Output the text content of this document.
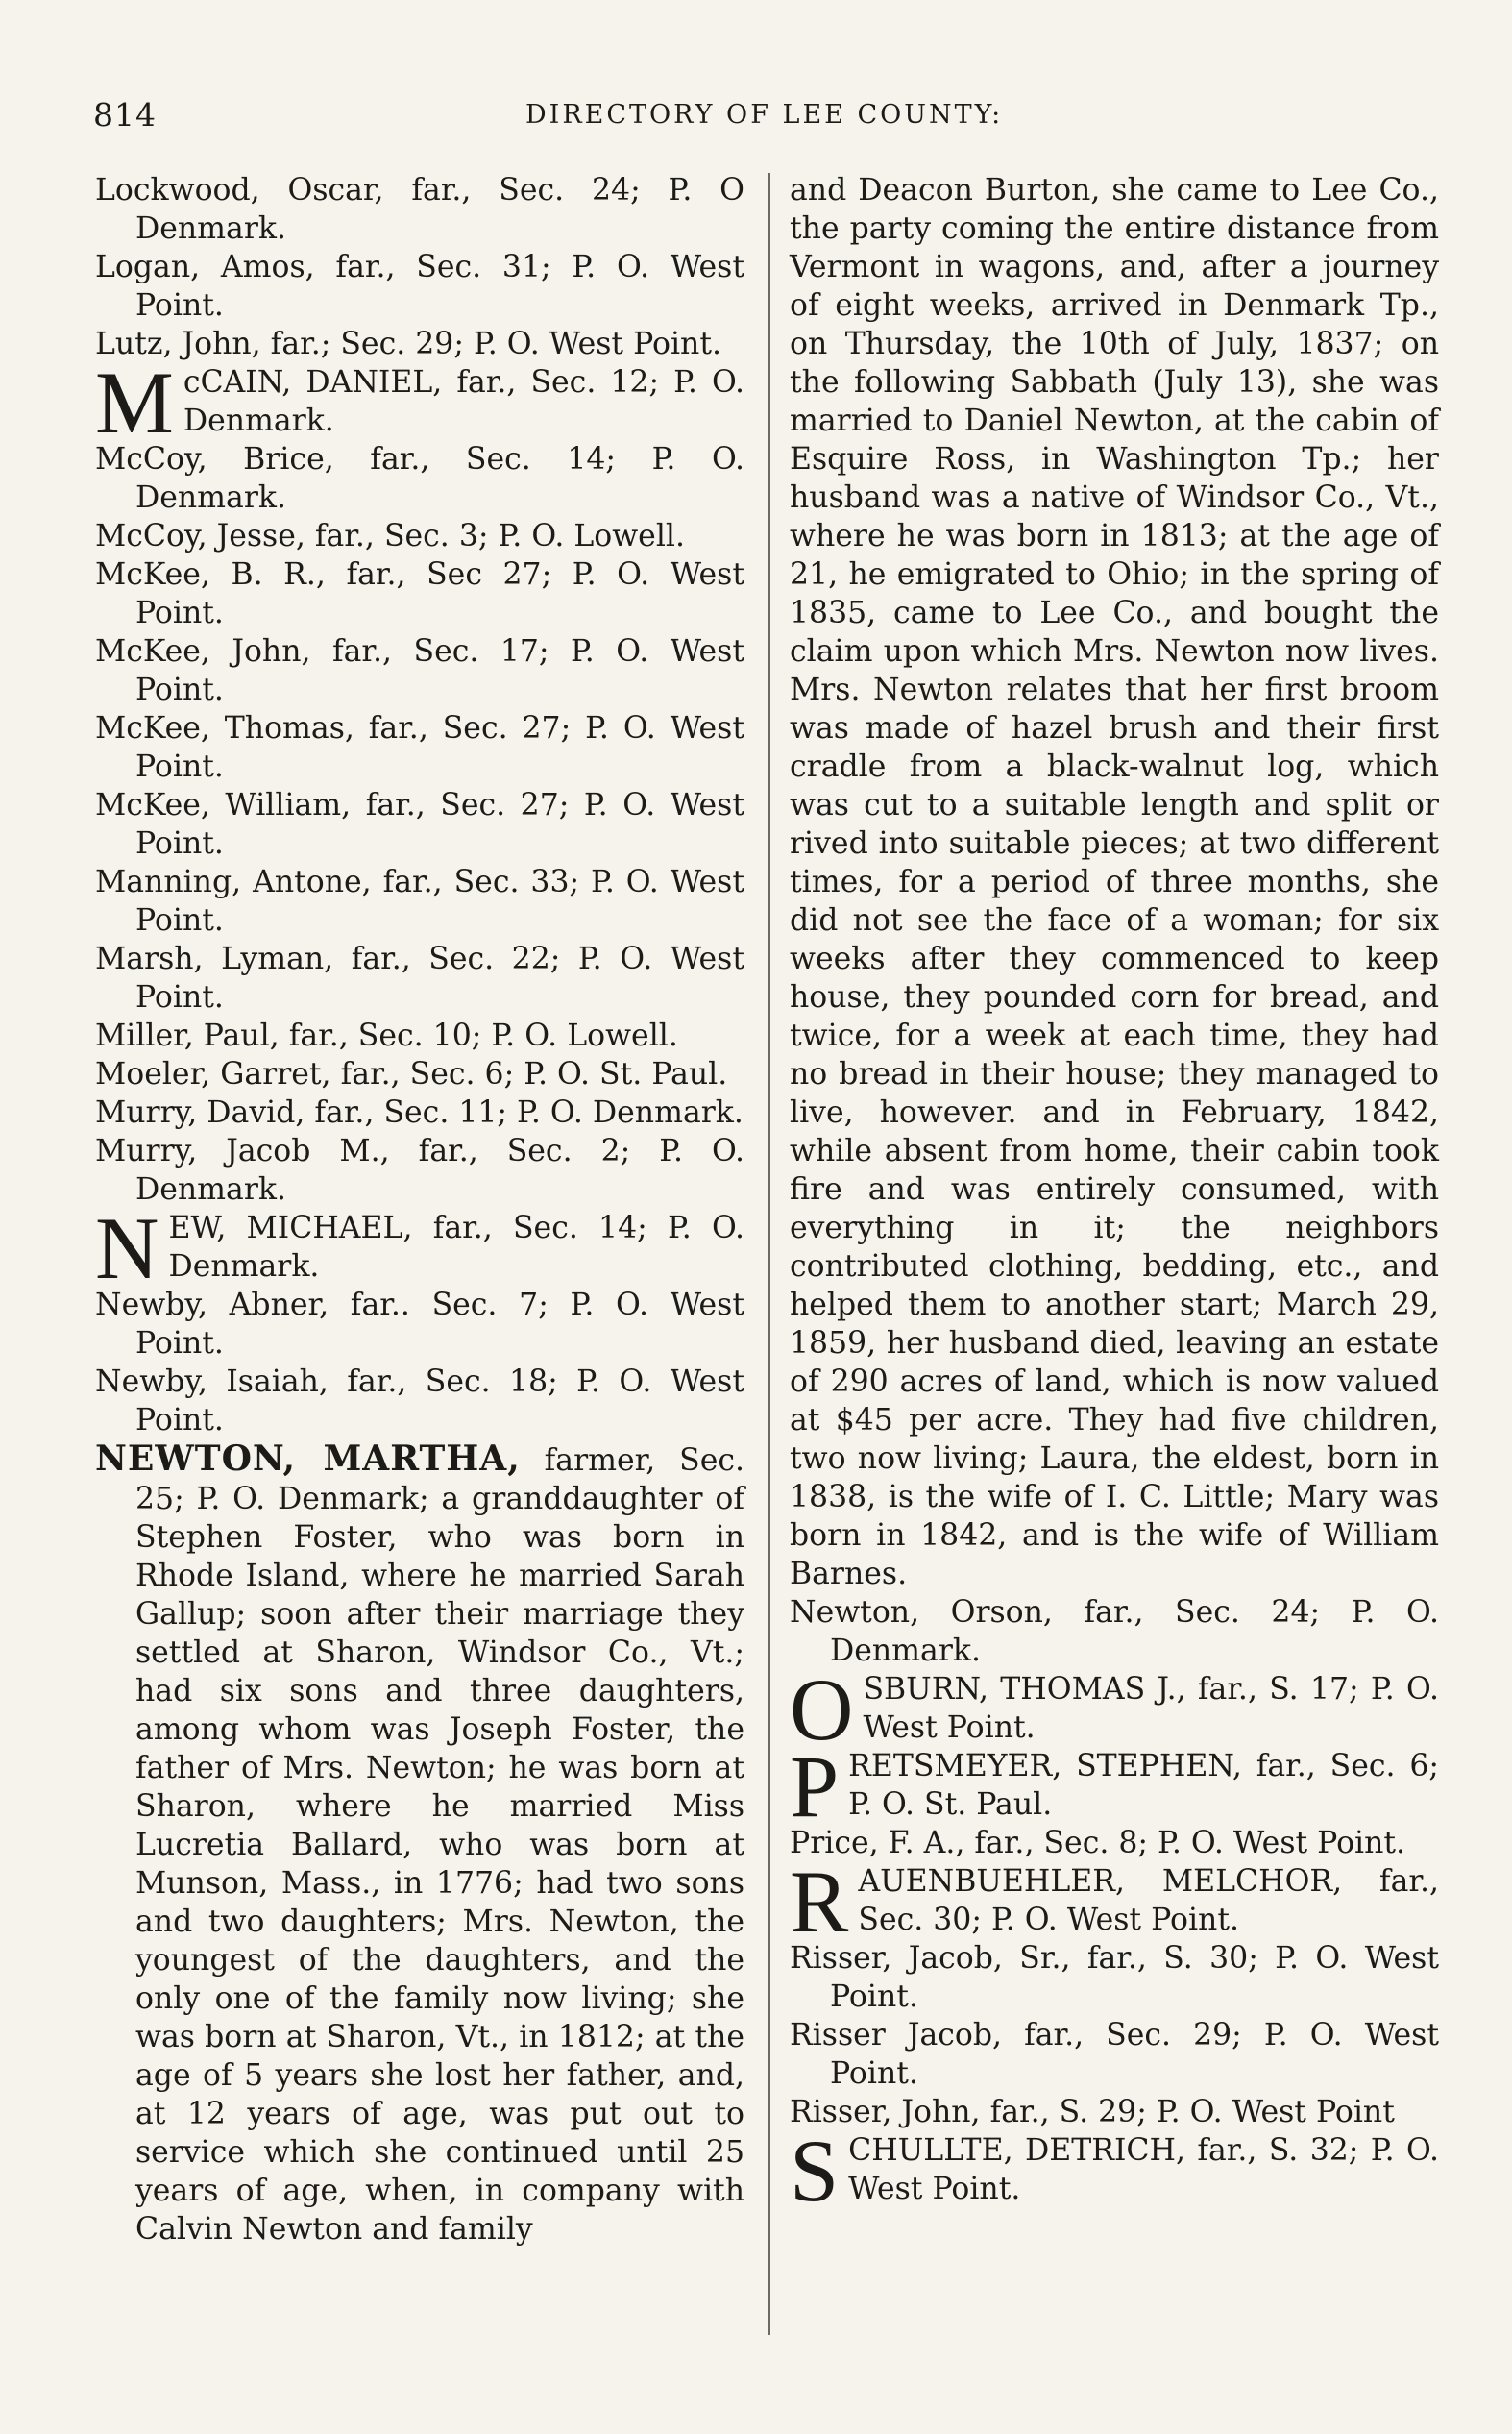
814	DIRECTORY OF LEE COUNTY:

Lockwood, Oscar, far., Sec. 24; P. O Denmark.

Logan, Amos, far., Sec. 31; P. O. West Point.

Lutz, John, far.; Sec. 29; P. O. West Point.

McCAIN, DANIEL, far., Sec. 12; P. O. Denmark.

McCoy, Brice, far., Sec. 14; P. O. Denmark.

McCoy, Jesse, far., Sec. 3; P. O. Lowell.

McKee, B. R., far., Sec 27; P. O. West Point.

McKee, John, far., Sec. 17; P. O. West Point.

McKee, Thomas, far., Sec. 27; P. O. West Point.

McKee, William, far., Sec. 27; P. O. West Point.

Manning, Antone, far., Sec. 33; P. O. West Point.

Marsh, Lyman, far., Sec. 22; P. O. West Point.

Miller, Paul, far., Sec. 10; P. O. Lowell.

Moeler, Garret, far., Sec. 6; P. O. St. Paul.

Murry, David, far., Sec. 11; P. O. Denmark.

Murry, Jacob M., far., Sec. 2; P. O. Denmark.

NEW, MICHAEL, far., Sec. 14; P. O. Denmark.

Newby, Abner, far.. Sec. 7; P. O. West Point.

Newby, Isaiah, far., Sec. 18; P. O. West Point.

NEWTON, MARTHA, farmer, Sec. 25; P. O. Denmark; a granddaughter of Stephen Foster, who was born in Rhode Island, where he married Sarah Gallup; soon after their marriage they settled at Sharon, Windsor Co., Vt.; had six sons and three daughters, among whom was Joseph Foster, the father of Mrs. Newton; he was born at Sharon, where he married Miss Lucretia Ballard, who was born at Munson, Mass., in 1776; had two sons and two daughters; Mrs. Newton, the youngest of the daughters, and the only one of the family now living; she was born at Sharon, Vt., in 1812; at the age of 5 years she lost her father, and, at 12 years of age, was put out to service which she continued until 25 years of age, when, in company with Calvin Newton and family

and Deacon Burton, she came to Lee Co., the party coming the entire distance from Vermont in wagons, and, after a journey of eight weeks, arrived in Denmark Tp., on Thursday, the 10th of July, 1837; on the following Sabbath (July 13), she was married to Daniel Newton, at the cabin of Esquire Ross, in Washington Tp.; her husband was a native of Windsor Co., Vt., where he was born in 1813; at the age of 21, he emigrated to Ohio; in the spring of 1835, came to Lee Co., and bought the claim upon which Mrs. Newton now lives. Mrs. Newton relates that her first broom was made of hazel brush and their first cradle from a black-walnut log, which was cut to a suitable length and split or rived into suitable pieces; at two different times, for a period of three months, she did not see the face of a woman; for six weeks after they commenced to keep house, they pounded corn for bread, and twice, for a week at each time, they had no bread in their house; they managed to live, however. and in February, 1842, while absent from home, their cabin took fire and was entirely consumed, with everything in it; the neighbors contributed clothing, bedding, etc., and helped them to another start; March 29, 1859, her husband died, leaving an estate of 290 acres of land, which is now valued at $45 per acre. They had five children, two now living; Laura, the eldest, born in 1838, is the wife of I. C. Little; Mary was born in 1842, and is the wife of William Barnes.

Newton, Orson, far., Sec. 24; P. O. Denmark.

OSBURN, THOMAS J., far., S. 17; P. O. West Point.

PRETSMEYER, STEPHEN, far., Sec. 6; P. O. St. Paul.

Price, F. A., far., Sec. 8; P. O. West Point.

RAUENBUEHLER, MELCHOR, far., Sec. 30; P. O. West Point.

Risser, Jacob, Sr., far., S. 30; P. O. West Point.

Risser Jacob, far., Sec. 29; P. O. West Point.

Risser, John, far., S. 29; P. O. West Point

SCHULLTE, DETRICH, far., S. 32; P. O. West Point.
